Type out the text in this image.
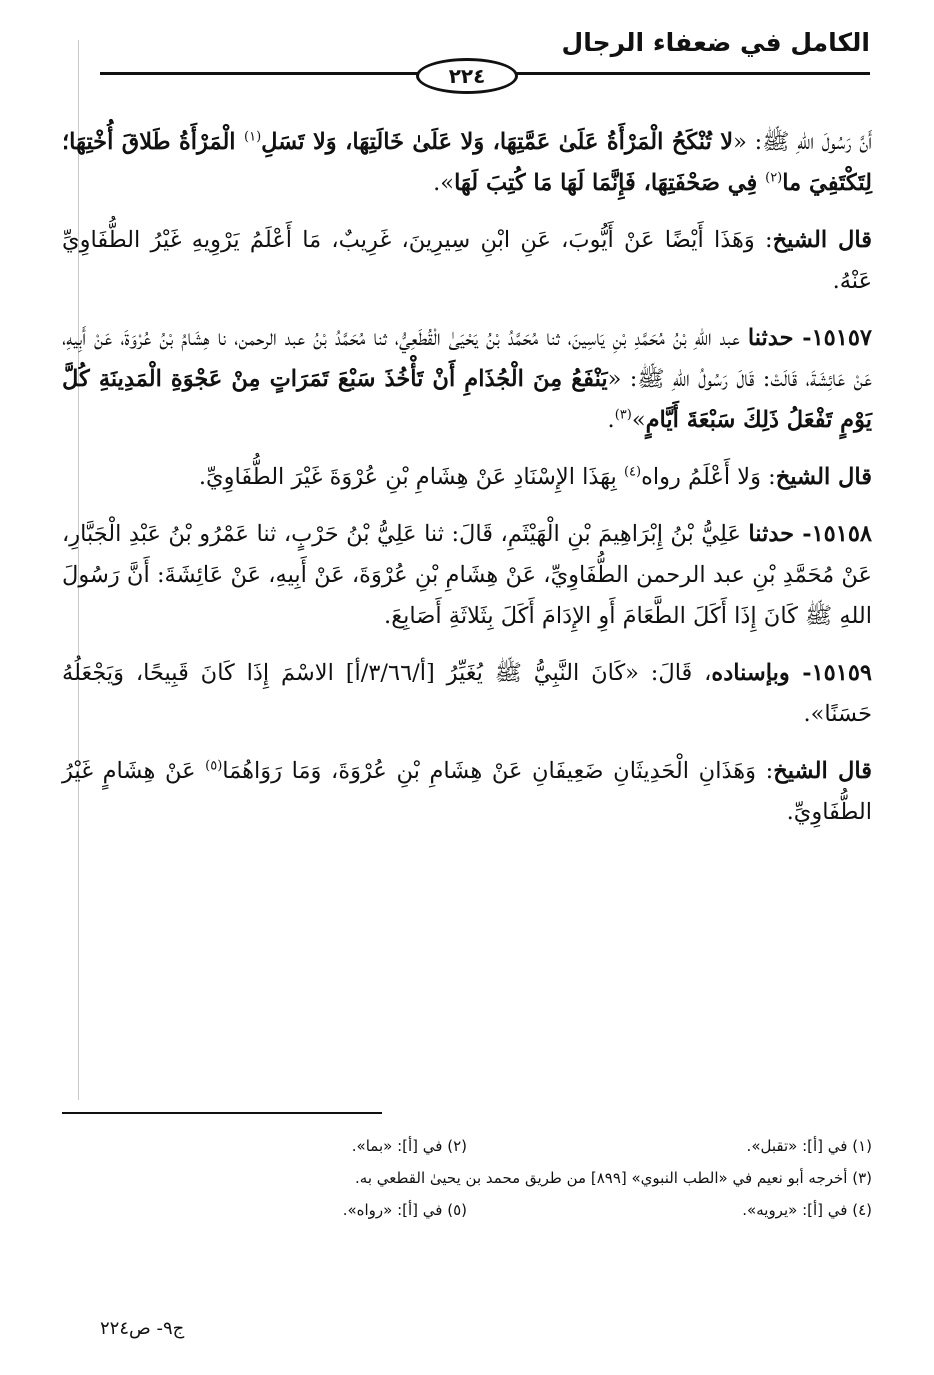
الكامل في ضعفاء الرجال
٢٢٤

أَنَّ رَسُولَ اللهِ ﷺ: «لا تُنْكَحُ الْمَرْأَةُ عَلَىٰ عَمَّتِهَا، وَلا عَلَىٰ خَالَتِهَا، وَلا تَسَلِ$^{(١)}$ الْمَرْأَةُ طَلاقَ أُخْتِهَا؛ لِتَكْتَفِيَ ما$^{(٢)}$ فِي صَحْفَتِهَا، فَإِنَّمَا لَهَا مَا كُتِبَ لَهَا».

قال الشيخ: وَهَذَا أَيْضًا عَنْ أَيُّوبَ، عَنِ ابْنِ سِيرِينَ، غَرِيبٌ، مَا أَعْلَمُ يَرْوِيهِ غَيْرُ الطُّفَاوِيِّ عَنْهُ.

١٥١٥٧- حدثنا عبد اللهِ بْنُ مُحَمَّدِ بْنِ يَاسِينَ، ثنا مُحَمَّدُ بْنُ يَحْيَىٰ الْقُطَعِيُّ، ثنا مُحَمَّدُ بْنُ عبد الرحمن، نا هِشَامُ بْنُ عُرْوَةَ، عَنْ أَبِيهِ، عَنْ عَائِشَةَ، قَالَتْ: قَالَ رَسُولُ اللهِ ﷺ: «يَنْفَعُ مِنَ الْجُذَامِ أَنْ تَأْخُذَ سَبْعَ تَمَرَاتٍ مِنْ عَجْوَةِ الْمَدِينَةِ كُلَّ يَوْمٍ تَفْعَلُ ذَلِكَ سَبْعَةَ أَيَّامٍ»$^{(٣)}$.

قال الشيخ: وَلا أَعْلَمُ رواه$^{(٤)}$ بِهَذَا الإِسْنَادِ عَنْ هِشَامِ بْنِ عُرْوَةَ غَيْرَ الطُّفَاوِيِّ.

١٥١٥٨- حدثنا عَلِيُّ بْنُ إِبْرَاهِيمَ بْنِ الْهَيْثَمِ، قَالَ: ثنا عَلِيُّ بْنُ حَرْبٍ، ثنا عَمْرُو بْنُ عَبْدِ الْجَبَّارِ، عَنْ مُحَمَّدِ بْنِ عبد الرحمن الطُّفَاوِيِّ، عَنْ هِشَامِ بْنِ عُرْوَةَ، عَنْ أَبِيهِ، عَنْ عَائِشَةَ: أَنَّ رَسُولَ اللهِ ﷺ كَانَ إِذَا أَكَلَ الطَّعَامَ أَوِ الإِدَامَ أَكَلَ بِثَلاثَةِ أَصَابِعَ.

١٥١٥٩- وبإسناده، قَالَ: «كَانَ النَّبِيُّ ﷺ يُغَيِّرُ [أ/٣/٦٦/أ] الاسْمَ إِذَا كَانَ قَبِيحًا، وَيَجْعَلُهُ حَسَنًا».

قال الشيخ: وَهَذَانِ الْحَدِيثَانِ ضَعِيفَانِ عَنْ هِشَامِ بْنِ عُرْوَةَ، وَمَا رَوَاهُمَا$^{(٥)}$ عَنْ هِشَامٍ غَيْرُ الطُّفَاوِيِّ.

(١) في [أ]: «تقبل».
(٢) في [أ]: «بما».
(٣) أخرجه أبو نعيم في «الطب النبوي» [٨٩٩] من طريق محمد بن يحيىٰ القطعي به.
(٤) في [أ]: «يرويه».
(٥) في [أ]: «رواه».
ج٩- ص٢٢٤
